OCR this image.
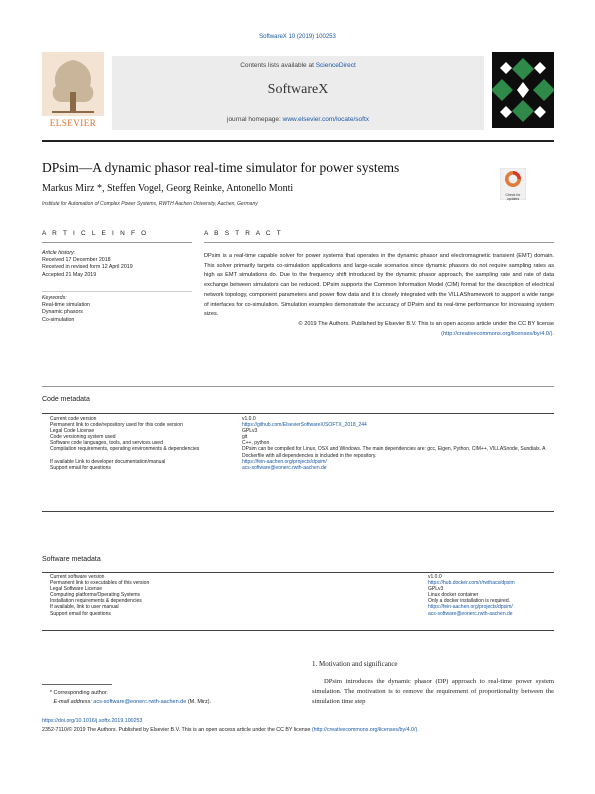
SoftwareX 10 (2019) 100253
ELSEVIER
Contents lists available at ScienceDirect
SoftwareX
journal homepage: www.elsevier.com/locate/softx
DPsim—A dynamic phasor real-time simulator for power systems
Check for updates
Markus Mirz *, Steffen Vogel, Georg Reinke, Antonello Monti
Institute for Automation of Complex Power Systems, RWTH Aachen University, Aachen, Germany
A R T I C L E I N F O
Article history:
Received 17 December 2018
Received in revised form 12 April 2019
Accepted 21 May 2019
Keywords:
Real-time simulation
Dynamic phasors
Co-simulation
A B S T R A C T
DPsim is a real-time capable solver for power systems that operates in the dynamic phasor and electromagnetic transient (EMT) domain. This solver primarily targets co-simulation applications and large-scale scenarios since dynamic phasors do not require sampling rates as high as EMT simulations do. Due to the frequency shift introduced by the dynamic phasor approach, the sampling rate and rate of data exchange between simulators can be reduced. DPsim supports the Common Information Model (CIM) format for the description of electrical network topology, component parameters and power flow data and it is closely integrated with the VILLASframework to support a wide range of interfaces for co-simulation. Simulation examples demonstrate the accuracy of DPsim and its real-time performance for increasing system sizes.
© 2019 The Authors. Published by Elsevier B.V. This is an open access article under the CC BY license
(http://creativecommons.org/licenses/by/4.0/).
Code metadata
Current code version	v1.0.0
Permanent link to code/repository used for this code version	https://github.com/ElsevierSoftwareX/SOFTX_2018_244
Legal Code License	GPLv3
Code versioning system used	git
Software code languages, tools, and services used	C++, python
Compilation requirements, operating environments & dependencies	DPsim can be compiled for Linux, OSX and Windows. The main dependencies are: gcc, Eigen, Python, CIM++, VILLASnode, Sundials. A Dockerfile with all dependencies is included in the repository.
If available Link to developer documentation/manual	https://fein-aachen.org/projects/dpsim/
Support email for questions	acs-software@eonerc.rwth-aachen.de
Software metadata
Current software version	v1.0.0
Permanent link to executables of this version	https://hub.docker.com/r/rwthacs/dpsim
Legal Software License	GPLv3
Computing platforms/Operating Systems	Linux docker container
Installation requirements & dependencies	Only a docker installation is required.
If available, link to user manual	https://fein-aachen.org/projects/dpsim/
Support email for questions	acs-software@eonerc.rwth-aachen.de
1. Motivation and significance
DPsim introduces the dynamic phasor (DP) approach to real-time power system simulation. The motivation is to remove the requirement of proportionality between the simulation time step
* Corresponding author.
E-mail address: acs-software@eonerc.rwth-aachen.de (M. Mirz).
https://doi.org/10.1016/j.softx.2019.100253
2352-7110/© 2019 The Authors. Published by Elsevier B.V. This is an open access article under the CC BY license (http://creativecommons.org/licenses/by/4.0/).
